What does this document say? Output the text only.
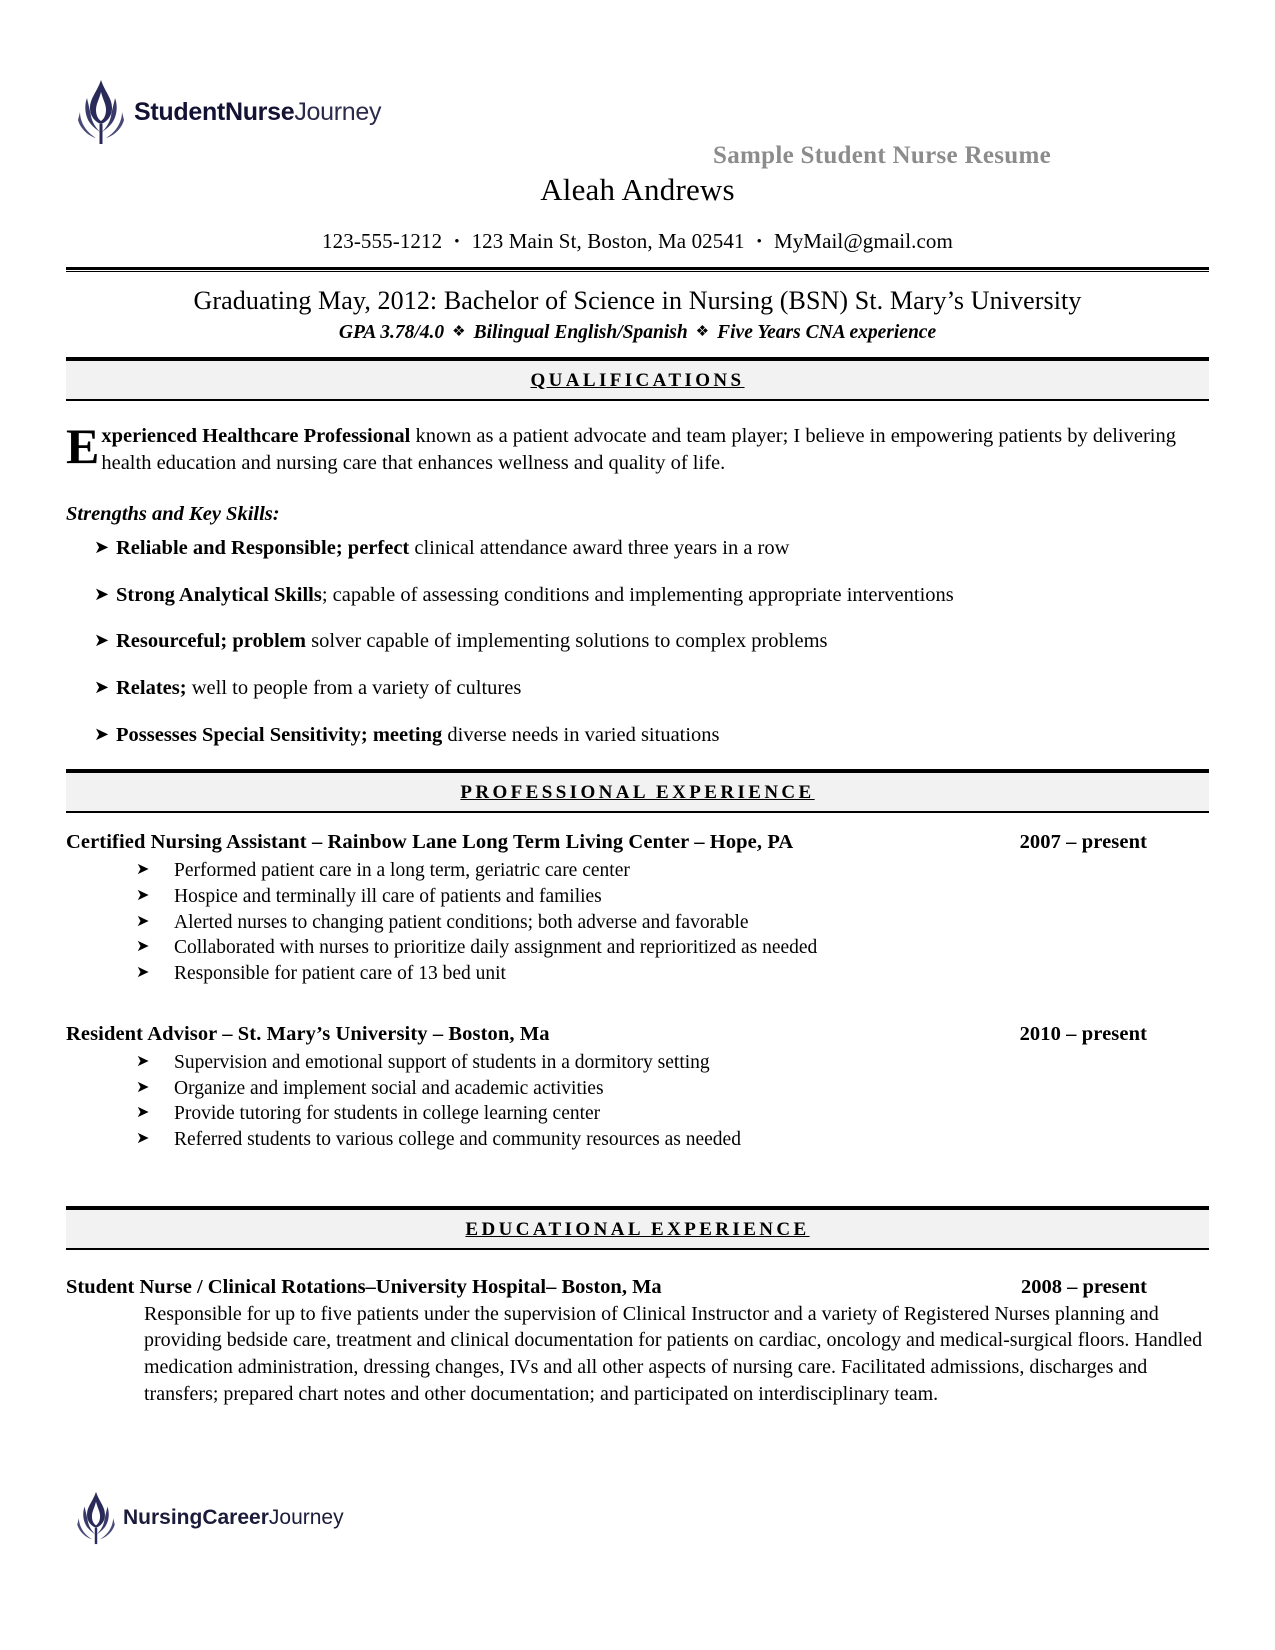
StudentNurseJourney
Sample Student Nurse Resume
Aleah Andrews
123-555-1212 • 123 Main St, Boston, Ma 02541 • MyMail@gmail.com
Graduating May, 2012: Bachelor of Science in Nursing (BSN) St. Mary’s University
GPA 3.78/4.0 ❖ Bilingual English/Spanish ❖ Five Years CNA experience
QUALIFICATIONS
Experienced Healthcare Professional known as a patient advocate and team player; I believe in empowering patients by delivering health education and nursing care that enhances wellness and quality of life.
Strengths and Key Skills:
➤ Reliable and Responsible; perfect clinical attendance award three years in a row
➤ Strong Analytical Skills; capable of assessing conditions and implementing appropriate interventions
➤ Resourceful; problem solver capable of implementing solutions to complex problems
➤ Relates; well to people from a variety of cultures
➤ Possesses Special Sensitivity; meeting diverse needs in varied situations
PROFESSIONAL EXPERIENCE
Certified Nursing Assistant – Rainbow Lane Long Term Living Center – Hope, PA	2007 – present
➤ Performed patient care in a long term, geriatric care center
➤ Hospice and terminally ill care of patients and families
➤ Alerted nurses to changing patient conditions; both adverse and favorable
➤ Collaborated with nurses to prioritize daily assignment and reprioritized as needed
➤ Responsible for patient care of 13 bed unit
Resident Advisor – St. Mary’s University – Boston, Ma	2010 – present
➤ Supervision and emotional support of students in a dormitory setting
➤ Organize and implement social and academic activities
➤ Provide tutoring for students in college learning center
➤ Referred students to various college and community resources as needed
EDUCATIONAL EXPERIENCE
Student Nurse / Clinical Rotations–University Hospital– Boston, Ma	2008 – present
Responsible for up to five patients under the supervision of Clinical Instructor and a variety of Registered Nurses planning and providing bedside care, treatment and clinical documentation for patients on cardiac, oncology and medical-surgical floors. Handled medication administration, dressing changes, IVs and all other aspects of nursing care. Facilitated admissions, discharges and transfers; prepared chart notes and other documentation; and participated on interdisciplinary team.
NursingCareerJourney
